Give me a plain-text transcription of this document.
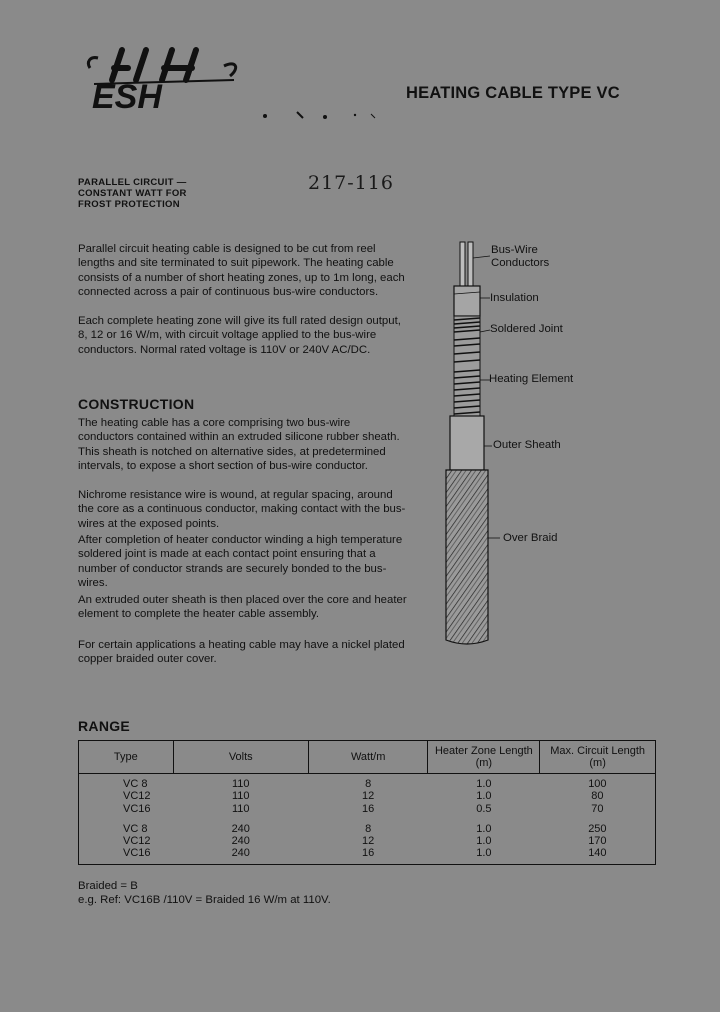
ESH	HEATING CABLE TYPE VC
PARALLEL CIRCUIT —
CONSTANT WATT FOR
FROST PROTECTION
217-116

Parallel circuit heating cable is designed to be cut from reel lengths and site terminated to suit pipework. The heating cable consists of a number of short heating zones, up to 1m long, each connected across a pair of continuous bus-wire conductors.

Each complete heating zone will give its full rated design output, 8, 12 or 16 W/m, with circuit voltage applied to the bus-wire conductors. Normal rated voltage is 110V or 240V AC/DC.

CONSTRUCTION

The heating cable has a core comprising two bus-wire conductors contained within an extruded silicone rubber sheath. This sheath is notched on alternative sides, at predetermined intervals, to expose a short section of bus-wire conductor.

Nichrome resistance wire is wound, at regular spacing, around the core as a continuous conductor, making contact with the bus-wires at the exposed points.

After completion of heater conductor winding a high temperature soldered joint is made at each contact point ensuring that a number of conductor strands are securely bonded to the bus-wires.

An extruded outer sheath is then placed over the core and heater element to complete the heater cable assembly.

For certain applications a heating cable may have a nickel plated copper braided outer cover.

Bus-Wire
Conductors
Insulation
Soldered Joint
Heating Element
Outer Sheath
Over Braid
RANGE
Type	Volts	Watt/m	Heater Zone Length (m)	Max. Circuit Length (m)
VC 8	110	8	1.0	100
VC12	110	12	1.0	80
VC16	110	16	0.5	70

VC 8	240	8	1.0	250
VC12	240	12	1.0	170
VC16	240	16	1.0	140
Braided = B
e.g. Ref: VC16B /110V = Braided 16 W/m at 110V.
